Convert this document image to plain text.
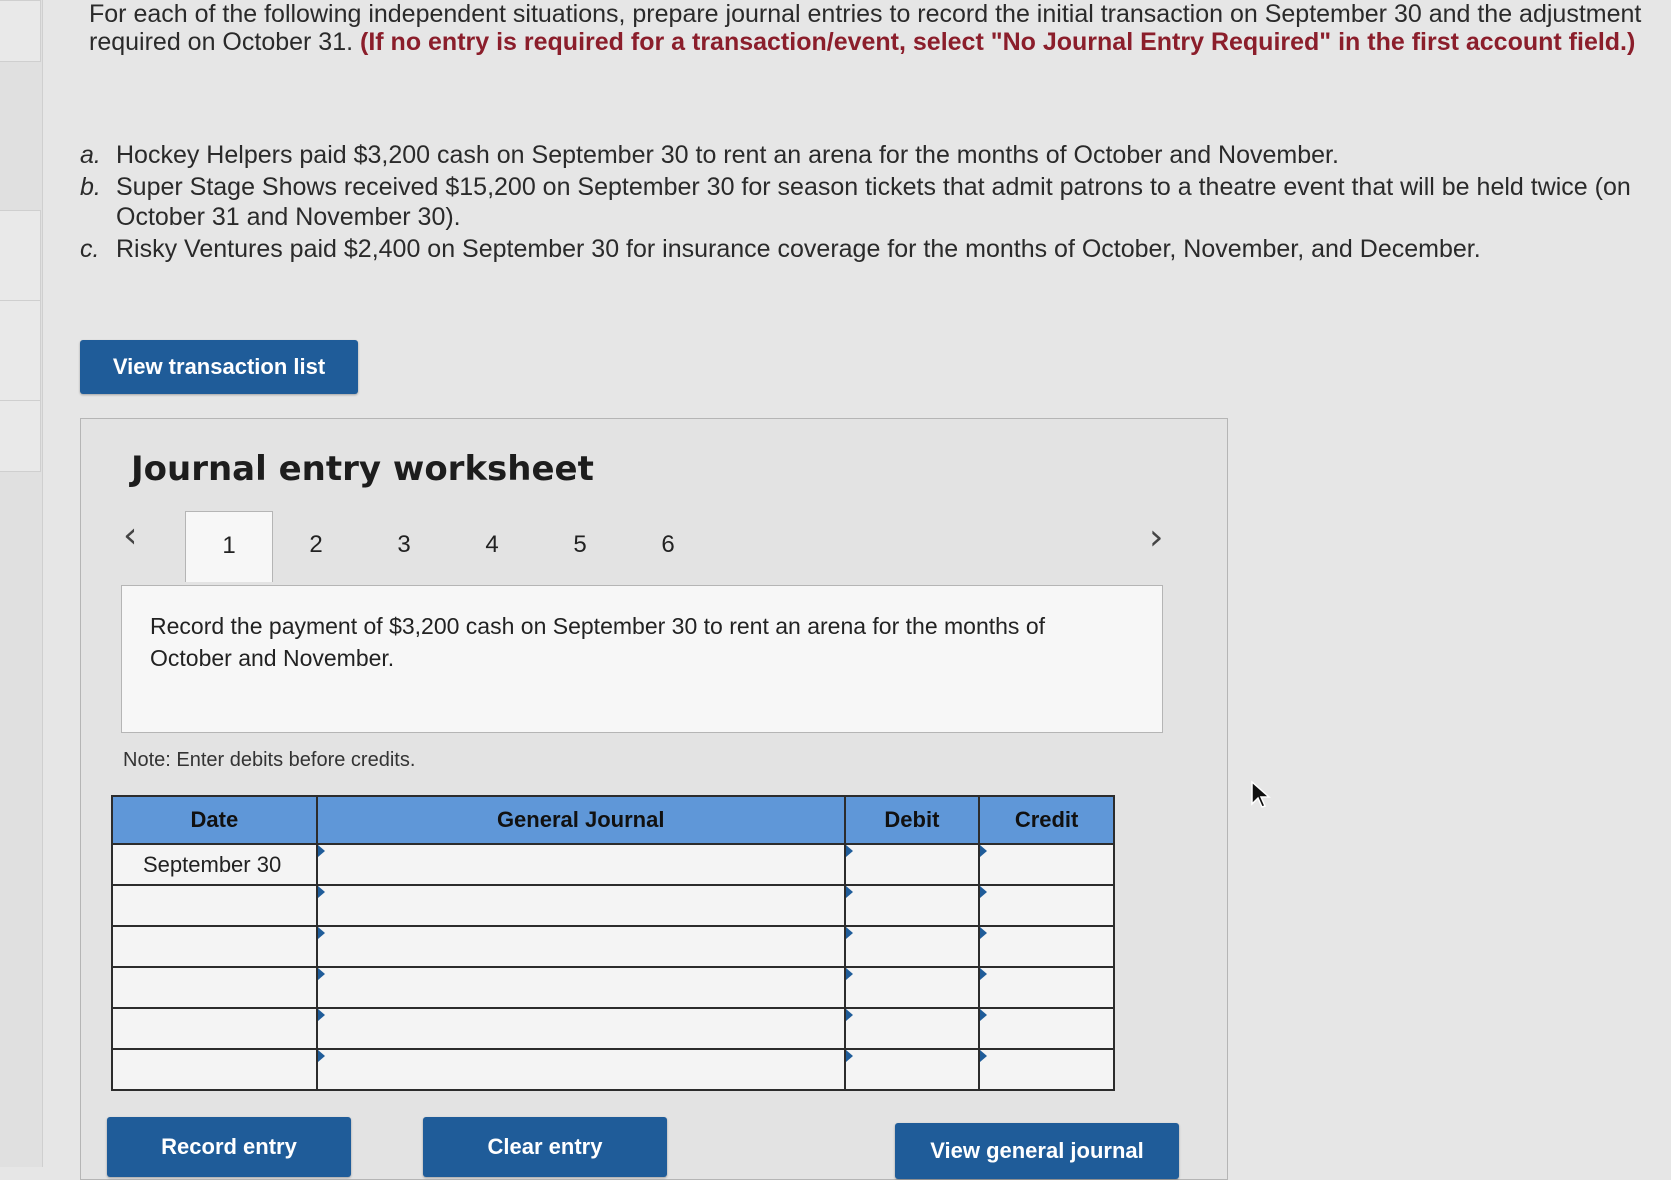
For each of the following independent situations, prepare journal entries to record the initial transaction on September 30 and the adjustment required on October 31. (If no entry is required for a transaction/event, select "No Journal Entry Required" in the first account field.)
a. Hockey Helpers paid $3,200 cash on September 30 to rent an arena for the months of October and November.
b. Super Stage Shows received $15,200 on September 30 for season tickets that admit patrons to a theatre event that will be held twice (on October 31 and November 30).
c. Risky Ventures paid $2,400 on September 30 for insurance coverage for the months of October, November, and December.
View transaction list
Journal entry worksheet
‹	›
1	2	3	4	5	6
Record the payment of $3,200 cash on September 30 to rent an arena for the months of October and November.
Note: Enter debits before credits.
Date	General Journal	Debit	Credit
September 30			

Record entry	Clear entry	View general journal
